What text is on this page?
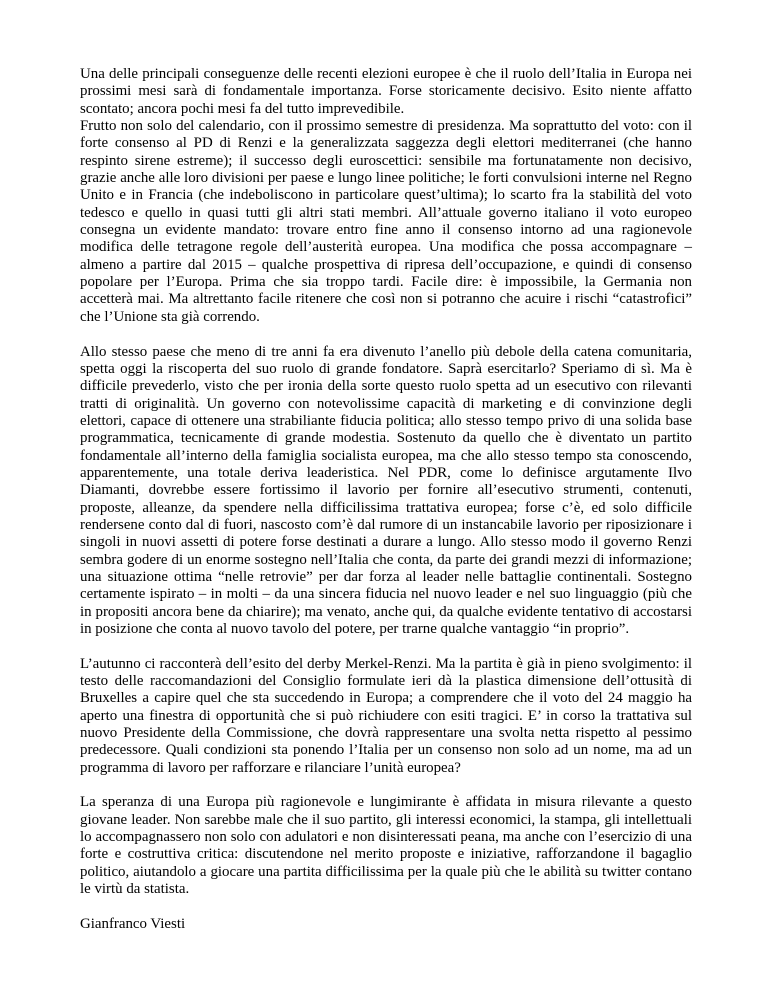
Una delle principali conseguenze delle recenti elezioni europee è che il ruolo dell’Italia in Europa nei prossimi mesi sarà di fondamentale importanza. Forse storicamente decisivo. Esito niente affatto scontato; ancora pochi mesi fa del tutto imprevedibile.

Frutto non solo del calendario, con il prossimo semestre di presidenza. Ma soprattutto del voto: con il forte consenso al PD di Renzi e la generalizzata saggezza degli elettori mediterranei (che hanno respinto sirene estreme); il successo degli euroscettici: sensibile ma fortunatamente non decisivo, grazie anche alle loro divisioni per paese e lungo linee politiche; le forti convulsioni interne nel Regno Unito e in Francia (che indeboliscono in particolare quest’ultima); lo scarto fra la stabilità del voto tedesco e quello in quasi tutti gli altri stati membri. All’attuale governo italiano il voto europeo consegna un evidente mandato: trovare entro fine anno il consenso intorno ad una ragionevole modifica delle tetragone regole dell’austerità europea. Una modifica che possa accompagnare – almeno a partire dal 2015 – qualche prospettiva di ripresa dell’occupazione, e quindi di consenso popolare per l’Europa. Prima che sia troppo tardi. Facile dire: è impossibile, la Germania non accetterà mai. Ma altrettanto facile ritenere che così non si potranno che acuire i rischi “catastrofici” che l’Unione sta già correndo.

Allo stesso paese che meno di tre anni fa era divenuto l’anello più debole della catena comunitaria, spetta oggi la riscoperta del suo ruolo di grande fondatore. Saprà esercitarlo? Speriamo di sì. Ma è difficile prevederlo, visto che per ironia della sorte questo ruolo spetta ad un esecutivo con rilevanti tratti di originalità. Un governo con notevolissime capacità di marketing e di convinzione degli elettori, capace di ottenere una strabiliante fiducia politica; allo stesso tempo privo di una solida base programmatica, tecnicamente di grande modestia. Sostenuto da quello che è diventato un partito fondamentale all’interno della famiglia socialista europea, ma che allo stesso tempo sta conoscendo, apparentemente, una totale deriva leaderistica. Nel PDR, come lo definisce argutamente Ilvo Diamanti, dovrebbe essere fortissimo il lavorio per fornire all’esecutivo strumenti, contenuti, proposte, alleanze, da spendere nella difficilissima trattativa europea; forse c’è, ed solo difficile rendersene conto dal di fuori, nascosto com’è dal rumore di un instancabile lavorio per riposizionare i singoli in nuovi assetti di potere forse destinati a durare a lungo. Allo stesso modo il governo Renzi sembra godere di un enorme sostegno nell’Italia che conta, da parte dei grandi mezzi di informazione; una situazione ottima “nelle retrovie” per dar forza al leader nelle battaglie continentali. Sostegno certamente ispirato – in molti – da una sincera fiducia nel nuovo leader e nel suo linguaggio (più che in propositi ancora bene da chiarire); ma venato, anche qui, da qualche evidente tentativo di accostarsi in posizione che conta al nuovo tavolo del potere, per trarne qualche vantaggio “in proprio”.

L’autunno ci racconterà dell’esito del derby Merkel-Renzi. Ma la partita è già in pieno svolgimento: il testo delle raccomandazioni del Consiglio formulate ieri dà la plastica dimensione dell’ottusità di Bruxelles a capire quel che sta succedendo in Europa; a comprendere che il voto del 24 maggio ha aperto una finestra di opportunità che si può richiudere con esiti tragici. E’ in corso la trattativa sul nuovo Presidente della Commissione, che dovrà rappresentare una svolta netta rispetto al pessimo predecessore. Quali condizioni sta ponendo l’Italia per un consenso non solo ad un nome, ma ad un programma di lavoro per rafforzare e rilanciare l’unità europea?

La speranza di una Europa più ragionevole e lungimirante è affidata in misura rilevante a questo giovane leader. Non sarebbe male che il suo partito, gli interessi economici, la stampa, gli intellettuali lo accompagnassero non solo con adulatori e non disinteressati peana, ma anche con l’esercizio di una forte e costruttiva critica: discutendone nel merito proposte e iniziative, rafforzandone il bagaglio politico, aiutandolo a giocare una partita difficilissima per la quale più che le abilità su twitter contano le virtù da statista.

Gianfranco Viesti
